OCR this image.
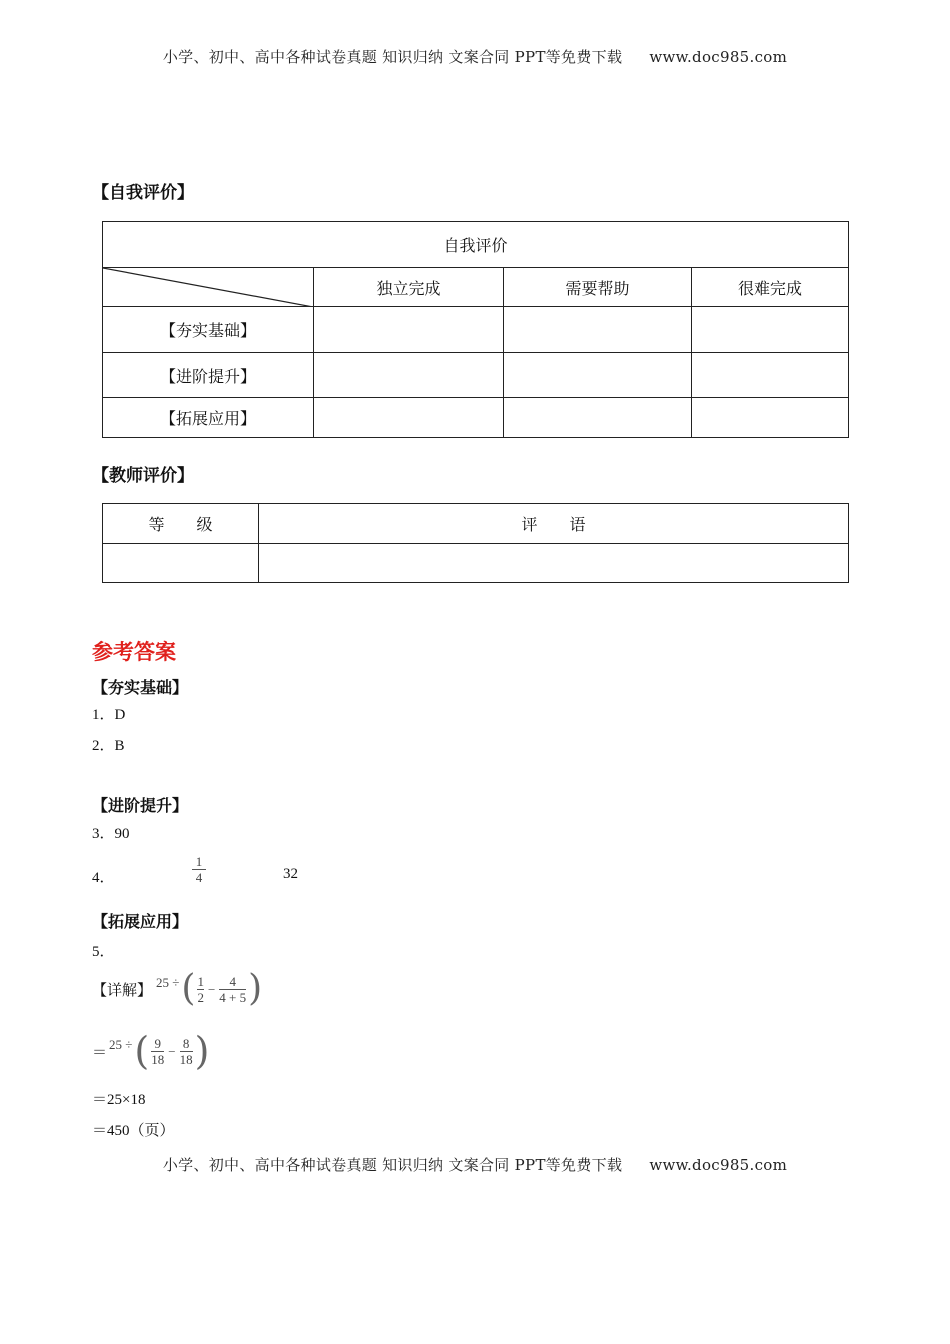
小学、初中、高中各种试卷真题 知识归纳 文案合同 PPT等免费下载 www.doc985.com
【自我评价】
自我评价			

	独立完成	需要帮助	很难完成
【夯实基础】			
【进阶提升】			
【拓展应用】			
【教师评价】
等　　级	评　　语

参考答案
【夯实基础】
1．D
2．B
【进阶提升】
3．90
4．
1
4	32
【拓展应用】
5．
【详解】 25 ÷ ( $\frac{1}{2} - \frac{4}{4 + 5}$ )
＝
25 ÷ ( $\frac{9}{18} - \frac{8}{18}$ )
＝25×18
＝450（页）
小学、初中、高中各种试卷真题 知识归纳 文案合同 PPT等免费下载 www.doc985.com
